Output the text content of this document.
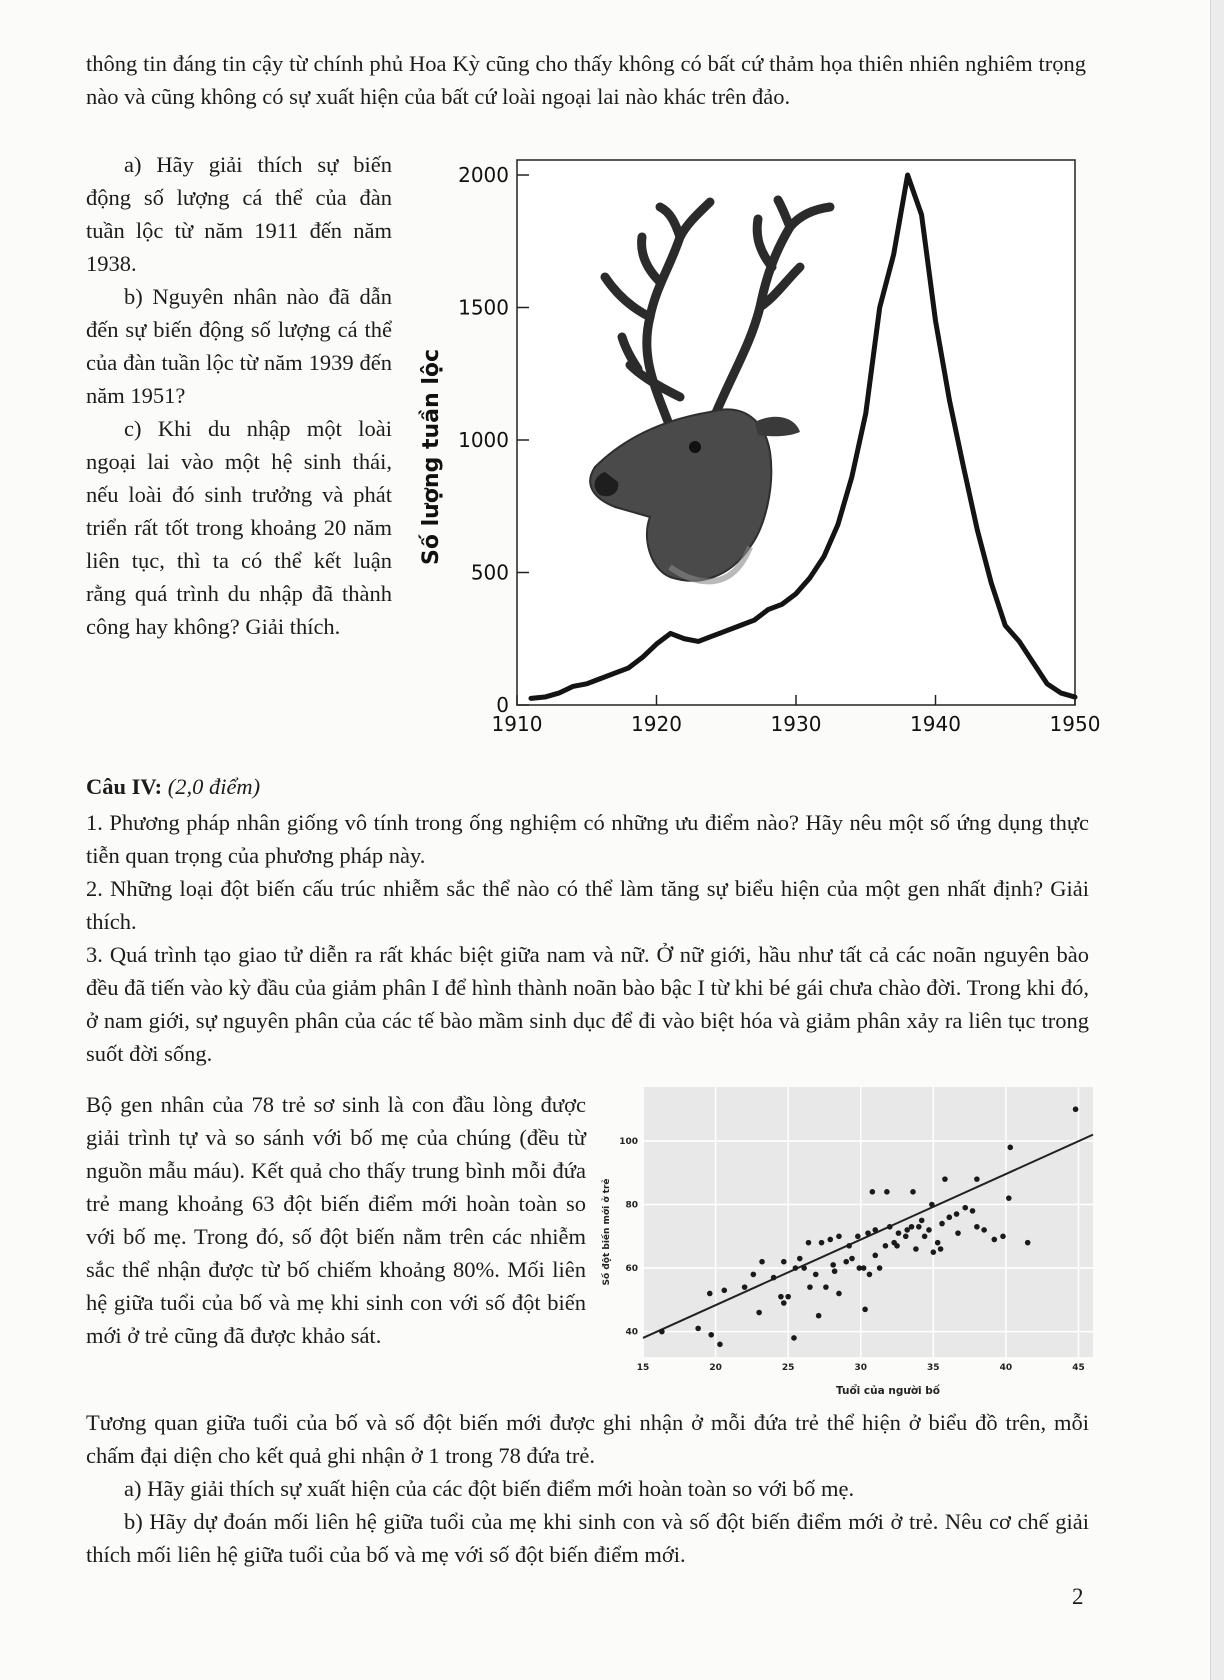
thông tin đáng tin cậy từ chính phủ Hoa Kỳ cũng cho thấy không có bất cứ thảm họa thiên nhiên nghiêm trọng nào và cũng không có sự xuất hiện của bất cứ loài ngoại lai nào khác trên đảo.

a) Hãy giải thích sự biến động số lượng cá thể của đàn tuần lộc từ năm 1911 đến năm 1938.

b) Nguyên nhân nào đã dẫn đến sự biến động số lượng cá thể của đàn tuần lộc từ năm 1939 đến năm 1951?

c) Khi du nhập một loài ngoại lai vào một hệ sinh thái, nếu loài đó sinh trưởng và phát triển rất tốt trong khoảng 20 năm liên tục, thì ta có thể kết luận rằng quá trình du nhập đã thành công hay không? Giải thích.

0
500
1000
1500
2000
1910	1920	1930	1940	1950
Số lượng tuần lộc

Câu IV: (2,0 điểm)

1. Phương pháp nhân giống vô tính trong ống nghiệm có những ưu điểm nào? Hãy nêu một số ứng dụng thực tiễn quan trọng của phương pháp này.

2. Những loại đột biến cấu trúc nhiễm sắc thể nào có thể làm tăng sự biểu hiện của một gen nhất định? Giải thích.

3. Quá trình tạo giao tử diễn ra rất khác biệt giữa nam và nữ. Ở nữ giới, hầu như tất cả các noãn nguyên bào đều đã tiến vào kỳ đầu của giảm phân I để hình thành noãn bào bậc I từ khi bé gái chưa chào đời. Trong khi đó, ở nam giới, sự nguyên phân của các tế bào mầm sinh dục để đi vào biệt hóa và giảm phân xảy ra liên tục trong suốt đời sống.

Bộ gen nhân của 78 trẻ sơ sinh là con đầu lòng được giải trình tự và so sánh với bố mẹ của chúng (đều từ nguồn mẫu máu). Kết quả cho thấy trung bình mỗi đứa trẻ mang khoảng 63 đột biến điểm mới hoàn toàn so với bố mẹ. Trong đó, số đột biến nằm trên các nhiễm sắc thể nhận được từ bố chiếm khoảng 80%. Mối liên hệ giữa tuổi của bố và mẹ khi sinh con với số đột biến mới ở trẻ cũng đã được khảo sát.	40
60
80
100
15	20	25	30	35	40	45
Số đột biến mới ở trẻ
Tuổi của người bố

Tương quan giữa tuổi của bố và số đột biến mới được ghi nhận ở mỗi đứa trẻ thể hiện ở biểu đồ trên, mỗi chấm đại diện cho kết quả ghi nhận ở 1 trong 78 đứa trẻ.

a) Hãy giải thích sự xuất hiện của các đột biến điểm mới hoàn toàn so với bố mẹ.

b) Hãy dự đoán mối liên hệ giữa tuổi của mẹ khi sinh con và số đột biến điểm mới ở trẻ. Nêu cơ chế giải thích mối liên hệ giữa tuổi của bố và mẹ với số đột biến điểm mới.

2
